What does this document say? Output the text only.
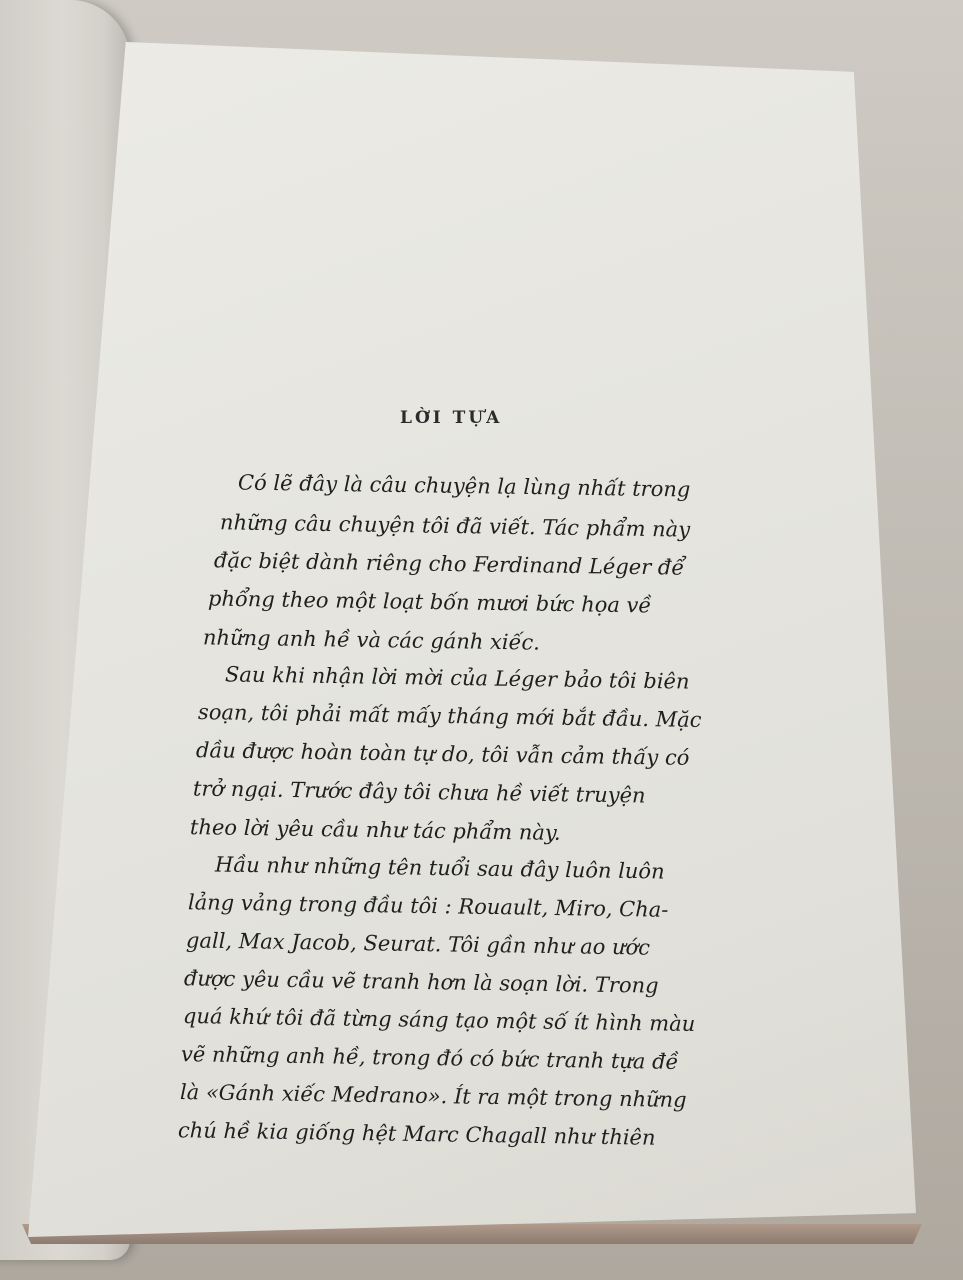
LỜI TỰA

Có lẽ đây là câu chuyện lạ lùng nhất trong

những câu chuyện tôi đã viết. Tác phẩm này

đặc biệt dành riêng cho Ferdinand Léger để

phổng theo một loạt bốn mươi bức họa về

những anh hề và các gánh xiếc.

Sau khi nhận lời mời của Léger bảo tôi biên

soạn, tôi phải mất mấy tháng mới bắt đầu. Mặc

dầu được hoàn toàn tự do, tôi vẫn cảm thấy có

trở ngại. Trước đây tôi chưa hề viết truyện

theo lời yêu cầu như tác phẩm này.

Hầu như những tên tuổi sau đây luôn luôn

lảng vảng trong đầu tôi : Rouault, Miro, Cha-

gall, Max Jacob, Seurat. Tôi gần như ao ước

được yêu cầu vẽ tranh hơn là soạn lời. Trong

quá khứ tôi đã từng sáng tạo một số ít hình màu

vẽ những anh hề, trong đó có bức tranh tựa đề

là «Gánh xiếc Medrano». Ít ra một trong những

chú hề kia giống hệt Marc Chagall như thiên
